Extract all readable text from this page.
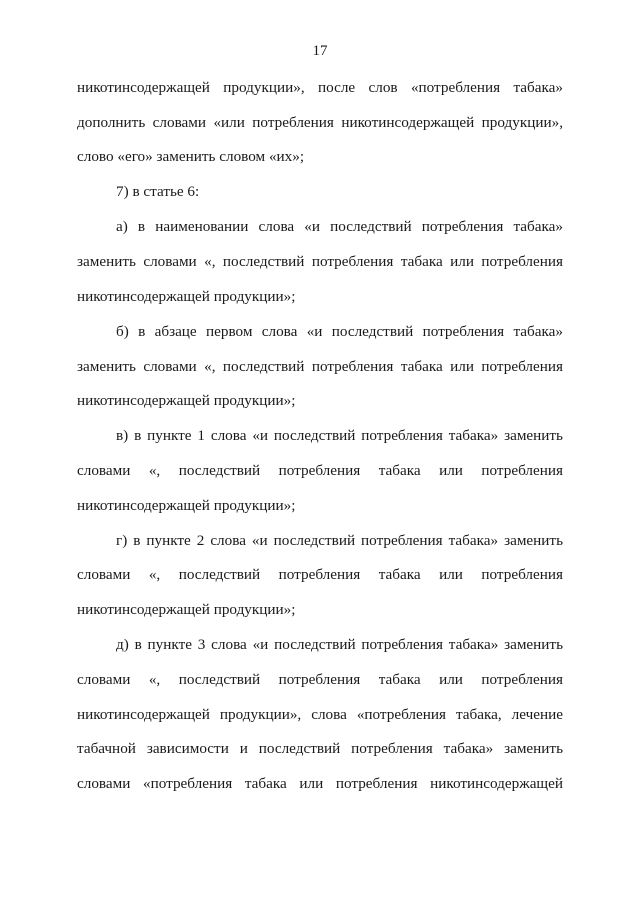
17
никотинсодержащей продукции», после слов «потребления табака»
дополнить словами «или потребления никотинсодержащей продукции»,
слово «его» заменить словом «их»;
7) в статье 6:
а) в наименовании слова «и последствий потребления табака»
заменить словами «, последствий потребления табака или потребления
никотинсодержащей продукции»;
б) в абзаце первом слова «и последствий потребления табака»
заменить словами «, последствий потребления табака или потребления
никотинсодержащей продукции»;
в) в пункте 1 слова «и последствий потребления табака» заменить
словами «, последствий потребления табака или потребления
никотинсодержащей продукции»;
г) в пункте 2 слова «и последствий потребления табака» заменить
словами «, последствий потребления табака или потребления
никотинсодержащей продукции»;
д) в пункте 3 слова «и последствий потребления табака» заменить
словами «, последствий потребления табака или потребления
никотинсодержащей продукции», слова «потребления табака, лечение
табачной зависимости и последствий потребления табака» заменить
словами «потребления табака или потребления никотинсодержащей
